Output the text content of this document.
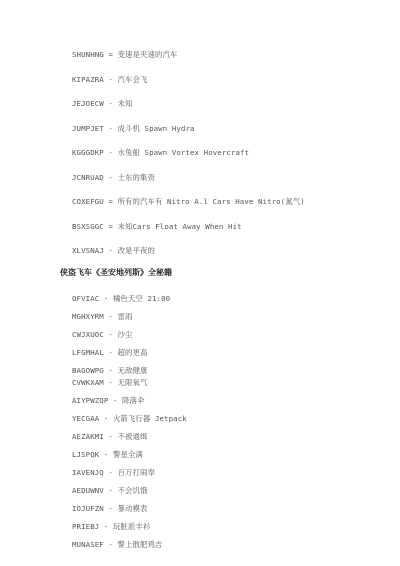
SHUNHNG = 变速是夹速的汽车
KIPAZRA - 汽车会飞
JEJOECW - 未知
JUMPJET - 成斗机 Spawn Hydra
KGGGDKP - 水兔船 Spawn Vortex Hovercraft
JCNRUAD - 士东的集资
COXEFGU = 所有的汽车有 Nitro A.l Cars Have Nitro(氮气)
BSXSGGC = 未知Cars Float Away When Hit
XLVSNAJ - 改是平夜的
侠盗飞车《圣安地列斯》全秘籍
OFVIAC - 橘色天空 21:00
MGHXYRM - 雷雨
CWJXUOC - 沙尘
LFGMHAL - 超的更高
BAGOWPG - 无敌健康
CVWKXAM - 无限氧气
AIYPWZQP - 降落伞
YECGAA - 火箭飞行器 Jetpack
AEZAKMI - 不被通缉
LJSPQK - 警星全满
IAVENJQ - 百万打闹奉
AEDUWNV - 不会饥饿
IOJUFZN - 暴动模表
PRIEBJ - 玩脏派丰衫
MUNASEF - 警上散肥鸡吉
